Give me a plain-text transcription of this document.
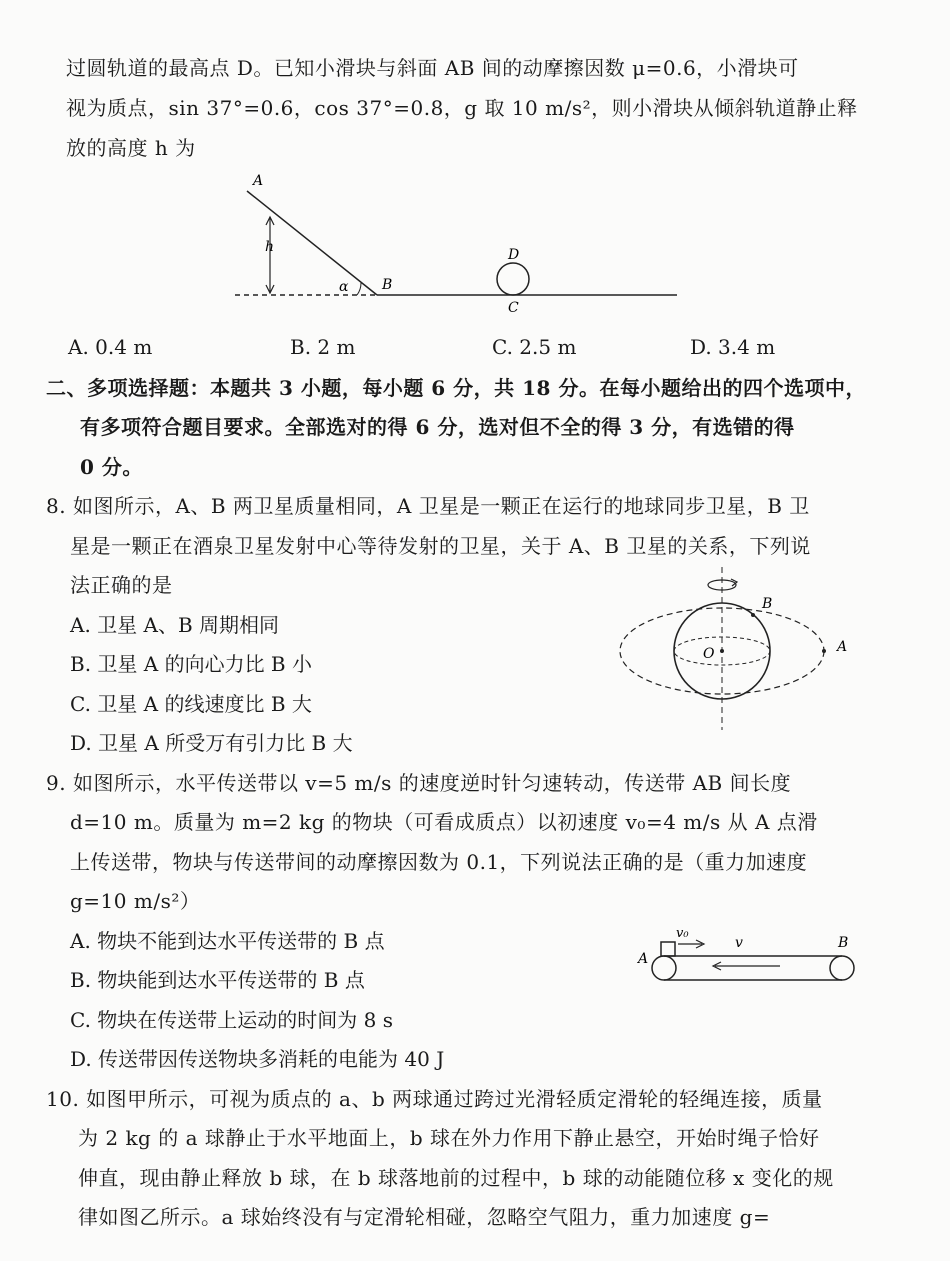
过圆轨道的最高点 D。已知小滑块与斜面 AB 间的动摩擦因数 μ=0.6，小滑块可
视为质点，sin 37°=0.6，cos 37°=0.8，g 取 10 m/s²，则小滑块从倾斜轨道静止释
放的高度 h 为
A
h
α B
D
C
A. 0.4 m	B. 2 m	C. 2.5 m	D. 3.4 m
二、多项选择题：本题共 3 小题，每小题 6 分，共 18 分。在每小题给出的四个选项中，
有多项符合题目要求。全部选对的得 6 分，选对但不全的得 3 分，有选错的得
0 分。
8. 如图所示，A、B 两卫星质量相同，A 卫星是一颗正在运行的地球同步卫星，B 卫
星是一颗正在酒泉卫星发射中心等待发射的卫星，关于 A、B 卫星的关系，下列说
法正确的是
A. 卫星 A、B 周期相同
B. 卫星 A 的向心力比 B 小
C. 卫星 A 的线速度比 B 大
D. 卫星 A 所受万有引力比 B 大
B
O	A
9. 如图所示，水平传送带以 v=5 m/s 的速度逆时针匀速转动，传送带 AB 间长度
d=10 m。质量为 m=2 kg 的物块（可看成质点）以初速度 v₀=4 m/s 从 A 点滑
上传送带，物块与传送带间的动摩擦因数为 0.1，下列说法正确的是（重力加速度
g=10 m/s²）
A. 物块不能到达水平传送带的 B 点
B. 物块能到达水平传送带的 B 点
C. 物块在传送带上运动的时间为 8 s
D. 传送带因传送物块多消耗的电能为 40 J
v₀
v
A
B
10. 如图甲所示，可视为质点的 a、b 两球通过跨过光滑轻质定滑轮的轻绳连接，质量
为 2 kg 的 a 球静止于水平地面上，b 球在外力作用下静止悬空，开始时绳子恰好
伸直，现由静止释放 b 球，在 b 球落地前的过程中，b 球的动能随位移 x 变化的规
律如图乙所示。a 球始终没有与定滑轮相碰，忽略空气阻力，重力加速度 g=
